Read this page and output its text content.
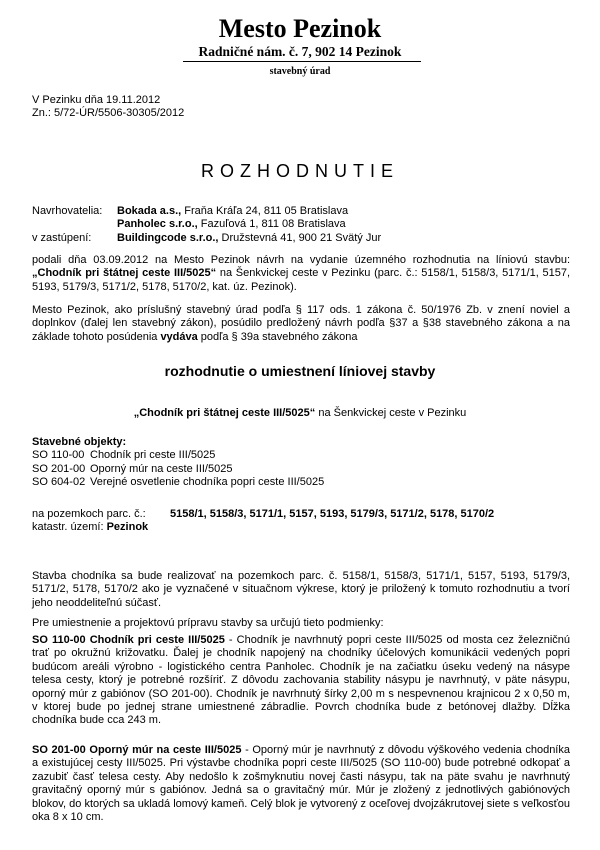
Mesto Pezinok
Radničné nám. č. 7, 902 14 Pezinok
stavebný úrad
V Pezinku dňa 19.11.2012
Zn.: 5/72-ÚR/5506-30305/2012
ROZHODNUTIE
Navrhovatelia:	Bokada a.s., Fraňa Kráľa 24, 811 05 Bratislava
Panholec s.r.o., Fazuľová 1, 811 08 Bratislava
v zastúpení:	Buildingcode s.r.o., Družstevná 41, 900 21 Svätý Jur
podali dňa 03.09.2012 na Mesto Pezinok návrh na vydanie územného rozhodnutia na líniovú stavbu: „Chodník pri štátnej ceste III/5025“ na Šenkvickej ceste v Pezinku (parc. č.: 5158/1, 5158/3, 5171/1, 5157, 5193, 5179/3, 5171/2, 5178, 5170/2, kat. úz. Pezinok).
Mesto Pezinok, ako príslušný stavebný úrad podľa § 117 ods. 1 zákona č. 50/1976 Zb. v znení noviel a doplnkov (ďalej len stavebný zákon), posúdilo predložený návrh podľa §37 a §38 stavebného zákona a na základe tohoto posúdenia vydáva podľa § 39a stavebného zákona
rozhodnutie o umiestnení líniovej stavby
„Chodník pri štátnej ceste III/5025“ na Šenkvickej ceste v Pezinku
Stavebné objekty:
SO 110-00 Chodník pri ceste III/5025
SO 201-00 Oporný múr na ceste III/5025
SO 604-02 Verejné osvetlenie chodníka popri ceste III/5025
na pozemkoch parc. č.:	5158/1, 5158/3, 5171/1, 5157, 5193, 5179/3, 5171/2, 5178, 5170/2
katastr. území:
Pezinok
Stavba chodníka sa bude realizovať na pozemkoch parc. č. 5158/1, 5158/3, 5171/1, 5157, 5193, 5179/3, 5171/2, 5178, 5170/2 ako je vyznačené v situačnom výkrese, ktorý je priložený k tomuto rozhodnutiu a tvorí jeho neoddeliteľnú súčasť.
Pre umiestnenie a projektovú prípravu stavby sa určujú tieto podmienky:
SO 110-00 Chodník pri ceste III/5025 - Chodník je navrhnutý popri ceste III/5025 od mosta cez železničnú trať po okružnú križovatku. Ďalej je chodník napojený na chodníky účelových komunikácii vedených popri budúcom areáli výrobno - logistického centra Panholec. Chodník je na začiatku úseku vedený na násype telesa cesty, ktorý je potrebné rozšíriť. Z dôvodu zachovania stability násypu je navrhnutý, v päte násypu, oporný múr z gabiónov (SO 201-00). Chodník je navrhnutý šírky 2,00 m s nespevnenou krajnicou 2 x 0,50 m, v ktorej bude po jednej strane umiestnené zábradlie. Povrch chodníka bude z betónovej dlažby. Dĺžka chodníka bude cca 243 m.
SO 201-00 Oporný múr na ceste III/5025 - Oporný múr je navrhnutý z dôvodu výškového vedenia chodníka a existujúcej cesty III/5025. Pri výstavbe chodníka popri ceste III/5025 (SO 110-00) bude potrebné odkopať a zazubiť časť telesa cesty. Aby nedošlo k zošmyknutiu novej časti násypu, tak na päte svahu je navrhnutý gravitačný oporný múr s gabiónov. Jedná sa o gravitačný múr. Múr je zložený z jednotlivých gabiónových blokov, do ktorých sa ukladá lomový kameň. Celý blok je vytvorený z oceľovej dvojzákrutovej siete s veľkosťou oka 8 x 10 cm.
